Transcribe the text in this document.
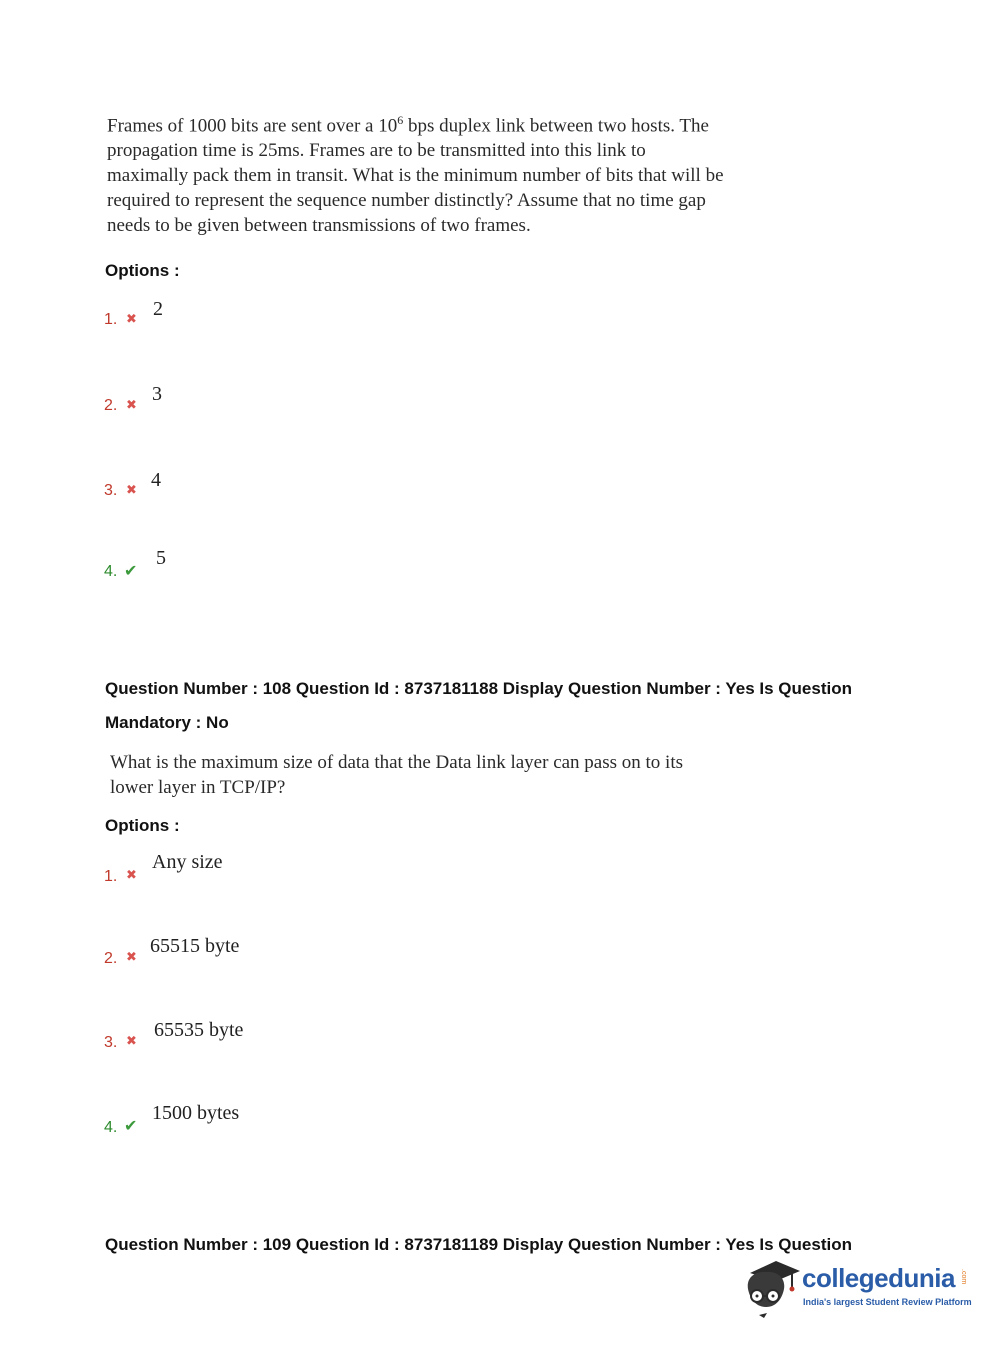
Frames of 1000 bits are sent over a $10^6$ bps duplex link between two hosts. The propagation time is 25ms. Frames are to be transmitted into this link to maximally pack them in transit. What is the minimum number of bits that will be required to represent the sequence number distinctly? Assume that no time gap needs to be given between transmissions of two frames.
Options :
1. ✖ 2
2. ✖ 3
3. ✖ 4
4. ✔
5
Question Number : 108 Question Id : 8737181188 Display Question Number : Yes Is Question
Mandatory : No
What is the maximum size of data that the Data link layer can pass on to its lower layer in TCP/IP?
Options :
1. ✖
Any size
2. ✖ 65515 byte
3. ✖ 65535 byte
4. ✔
1500 bytes
Question Number : 109 Question Id : 8737181189 Display Question Number : Yes Is Question
collegedunia .com
India's largest Student Review Platform
